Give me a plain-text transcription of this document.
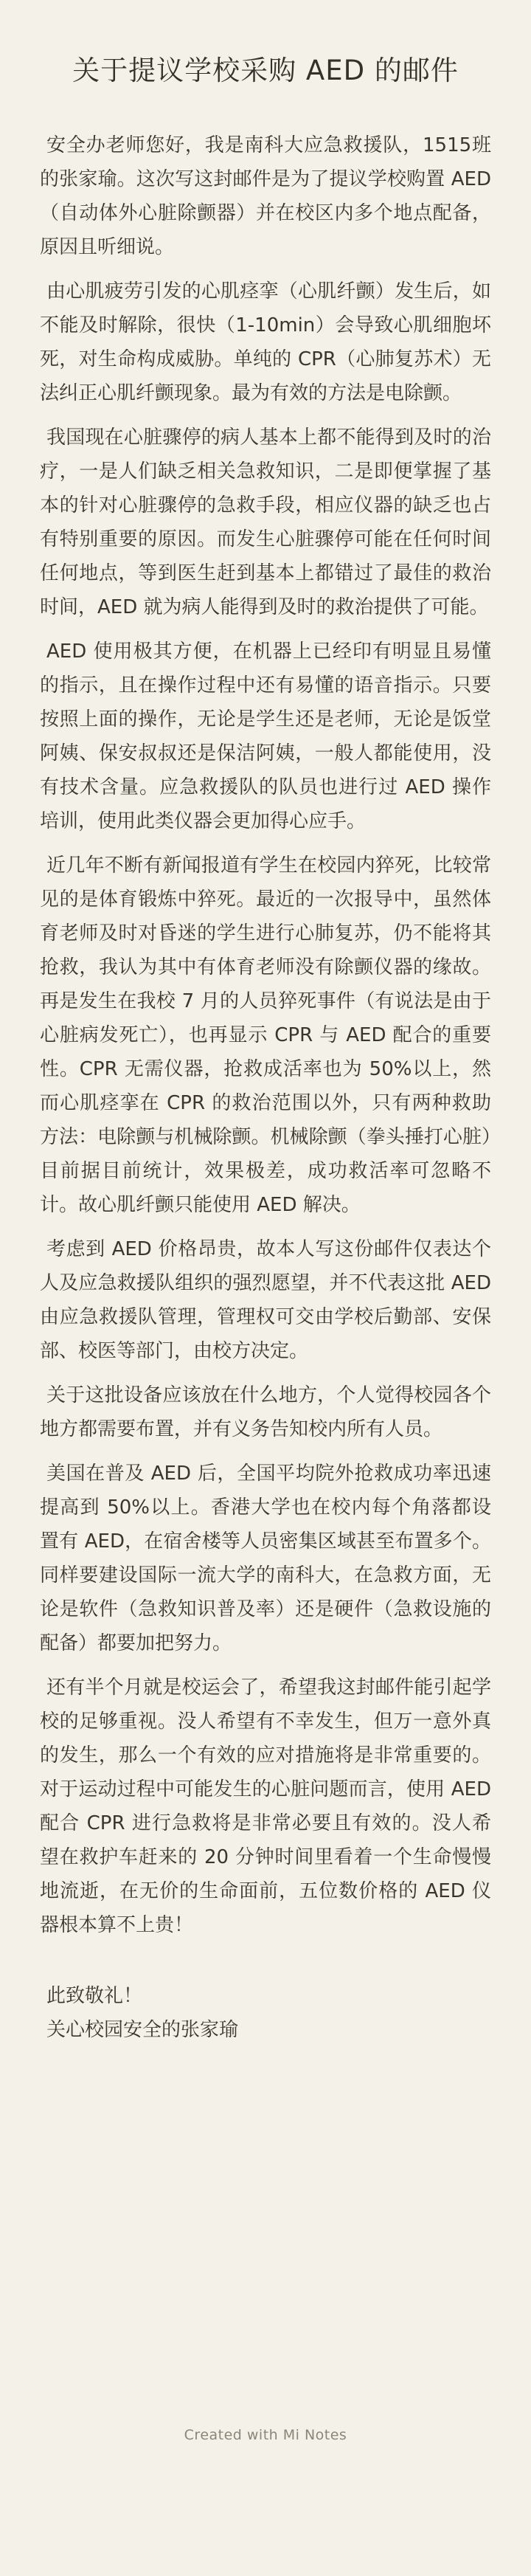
关于提议学校采购 AED 的邮件

安全办老师您好，我是南科大应急救援队，1515班的张家瑜。这次写这封邮件是为了提议学校购置 AED（自动体外心脏除颤器）并在校区内多个地点配备，原因且听细说。

由心肌疲劳引发的心肌痉挛（心肌纤颤）发生后，如不能及时解除，很快（1-10min）会导致心肌细胞坏死，对生命构成威胁。单纯的 CPR（心肺复苏术）无法纠正心肌纤颤现象。最为有效的方法是电除颤。

我国现在心脏骤停的病人基本上都不能得到及时的治疗，一是人们缺乏相关急救知识，二是即便掌握了基本的针对心脏骤停的急救手段，相应仪器的缺乏也占有特别重要的原因。而发生心脏骤停可能在任何时间任何地点，等到医生赶到基本上都错过了最佳的救治时间，AED 就为病人能得到及时的救治提供了可能。

AED 使用极其方便，在机器上已经印有明显且易懂的指示，且在操作过程中还有易懂的语音指示。只要按照上面的操作，无论是学生还是老师，无论是饭堂阿姨、保安叔叔还是保洁阿姨，一般人都能使用，没有技术含量。应急救援队的队员也进行过 AED 操作培训，使用此类仪器会更加得心应手。

近几年不断有新闻报道有学生在校园内猝死，比较常见的是体育锻炼中猝死。最近的一次报导中，虽然体育老师及时对昏迷的学生进行心肺复苏，仍不能将其抢救，我认为其中有体育老师没有除颤仪器的缘故。再是发生在我校 7 月的人员猝死事件（有说法是由于心脏病发死亡），也再显示 CPR 与 AED 配合的重要性。CPR 无需仪器，抢救成活率也为 50%以上，然而心肌痉挛在 CPR 的救治范围以外，只有两种救助方法：电除颤与机械除颤。机械除颤（拳头捶打心脏）目前据目前统计，效果极差，成功救活率可忽略不计。故心肌纤颤只能使用 AED 解决。

考虑到 AED 价格昂贵，故本人写这份邮件仅表达个人及应急救援队组织的强烈愿望，并不代表这批 AED 由应急救援队管理，管理权可交由学校后勤部、安保部、校医等部门，由校方决定。

关于这批设备应该放在什么地方，个人觉得校园各个地方都需要布置，并有义务告知校内所有人员。

美国在普及 AED 后，全国平均院外抢救成功率迅速提高到 50%以上。香港大学也在校内每个角落都设置有 AED，在宿舍楼等人员密集区域甚至布置多个。同样要建设国际一流大学的南科大，在急救方面，无论是软件（急救知识普及率）还是硬件（急救设施的配备）都要加把努力。

还有半个月就是校运会了，希望我这封邮件能引起学校的足够重视。没人希望有不幸发生，但万一意外真的发生，那么一个有效的应对措施将是非常重要的。对于运动过程中可能发生的心脏问题而言，使用 AED 配合 CPR 进行急救将是非常必要且有效的。没人希望在救护车赶来的 20 分钟时间里看着一个生命慢慢地流逝，在无价的生命面前，五位数价格的 AED 仪器根本算不上贵！

此致敬礼！

关心校园安全的张家瑜

Created with Mi Notes
